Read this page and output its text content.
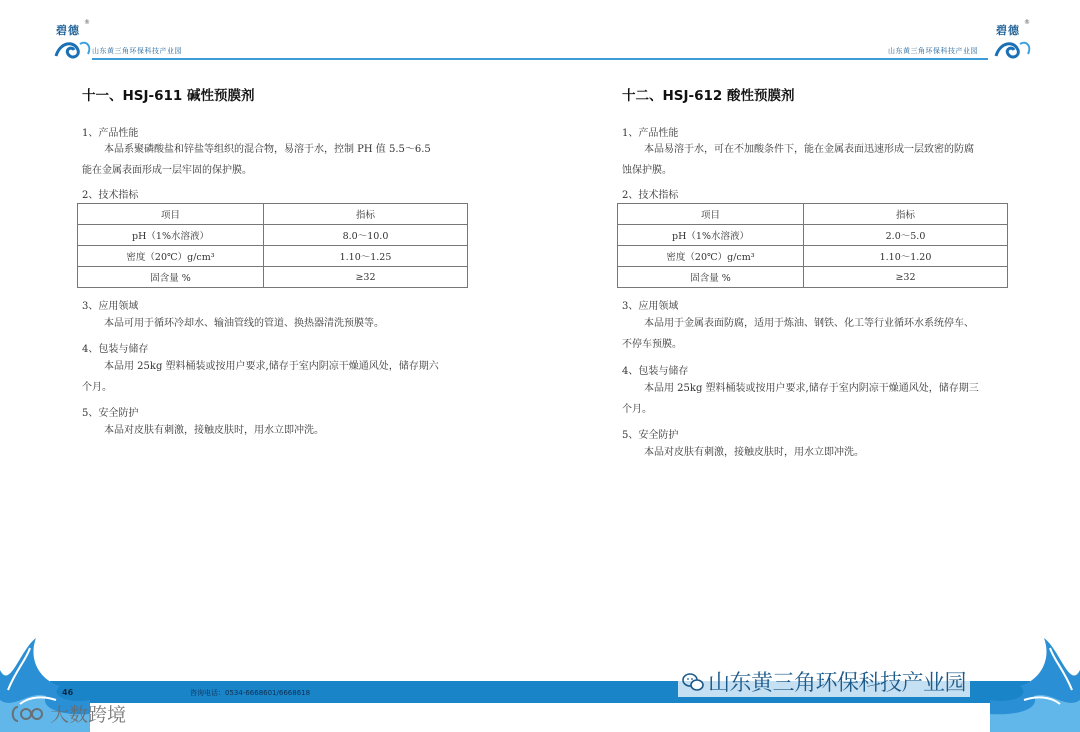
碧德
®
山东黄三角环保科技产业园
十一、HSJ-611 碱性预膜剂
1、产品性能
本品系聚磷酸盐和锌盐等组织的混合物，易溶于水，控制 PH 值 5.5～6.5
能在金属表面形成一层牢固的保护膜。
2、技术指标
项目	指标
pH（1%水溶液）	8.0～10.0
密度（20℃）g/cm³	1.10～1.25
固含量 %	≥32
3、应用领域
本品可用于循环冷却水、输油管线的管道、换热器清洗预膜等。
4、包装与储存
本品用 25kg 塑料桶装或按用户要求,储存于室内阴凉干燥通风处，储存期六
个月。
5、安全防护
本品对皮肤有刺激，接触皮肤时，用水立即冲洗。
山东黄三角环保科技产业园
碧德
®
十二、HSJ-612 酸性预膜剂
1、产品性能
本品易溶于水，可在不加酸条件下，能在金属表面迅速形成一层致密的防腐
蚀保护膜。
2、技术指标
项目	指标
pH（1%水溶液）	2.0～5.0
密度（20℃）g/cm³	1.10～1.20
固含量 %	≥32
3、应用领域
本品用于金属表面防腐，适用于炼油、钢铁、化工等行业循环水系统停车、
不停车预膜。
4、包装与储存
本品用 25kg 塑料桶装或按用户要求,储存于室内阴凉干燥通风处，储存期三
个月。
5、安全防护
本品对皮肤有刺激，接触皮肤时，用水立即冲洗。
46	咨询电话：0534-6668601/6668618	山东黄三角环保科技产业园
大数跨境
